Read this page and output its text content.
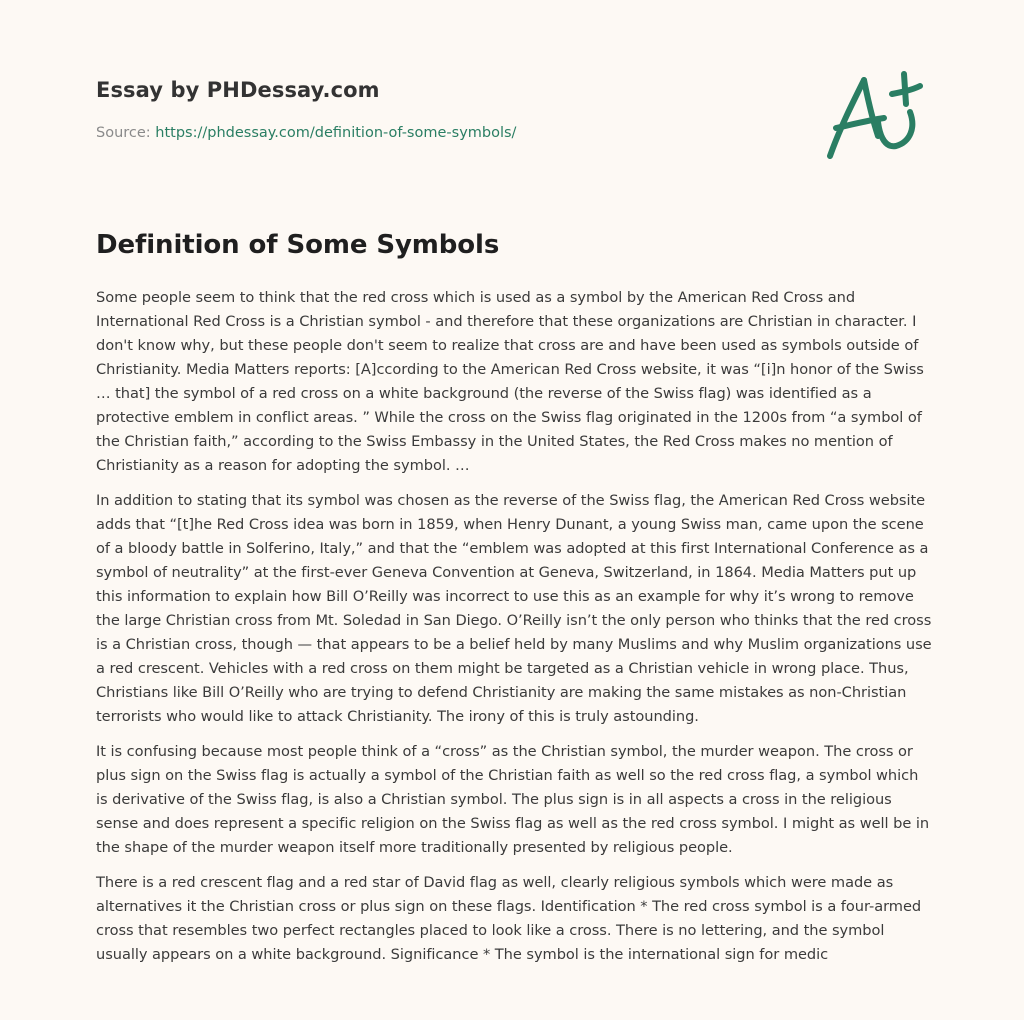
Essay by PHDessay.com
Source: https://phdessay.com/definition-of-some-symbols/
Definition of Some Symbols

Some people seem to think that the red cross which is used as a symbol by the American Red Cross and International Red Cross is a Christian symbol - and therefore that these organizations are Christian in character. I don't know why, but these people don't seem to realize that cross are and have been used as symbols outside of Christianity. Media Matters reports: [A]ccording to the American Red Cross website, it was “[i]n honor of the Swiss … that] the symbol of a red cross on a white background (the reverse of the Swiss flag) was identified as a protective emblem in conflict areas. ” While the cross on the Swiss flag originated in the 1200s from “a symbol of the Christian faith,” according to the Swiss Embassy in the United States, the Red Cross makes no mention of Christianity as a reason for adopting the symbol. …

In addition to stating that its symbol was chosen as the reverse of the Swiss flag, the American Red Cross website adds that “[t]he Red Cross idea was born in 1859, when Henry Dunant, a young Swiss man, came upon the scene of a bloody battle in Solferino, Italy,” and that the “emblem was adopted at this first International Conference as a symbol of neutrality” at the first-ever Geneva Convention at Geneva, Switzerland, in 1864. Media Matters put up this information to explain how Bill O’Reilly was incorrect to use this as an example for why it’s wrong to remove the large Christian cross from Mt. Soledad in San Diego. O’Reilly isn’t the only person who thinks that the red cross is a Christian cross, though — that appears to be a belief held by many Muslims and why Muslim organizations use a red crescent. Vehicles with a red cross on them might be targeted as a Christian vehicle in wrong place. Thus, Christians like Bill O’Reilly who are trying to defend Christianity are making the same mistakes as non-Christian terrorists who would like to attack Christianity. The irony of this is truly astounding.

It is confusing because most people think of a “cross” as the Christian symbol, the murder weapon. The cross or plus sign on the Swiss flag is actually a symbol of the Christian faith as well so the red cross flag, a symbol which is derivative of the Swiss flag, is also a Christian symbol. The plus sign is in all aspects a cross in the religious sense and does represent a specific religion on the Swiss flag as well as the red cross symbol. I might as well be in the shape of the murder weapon itself more traditionally presented by religious people.

There is a red crescent flag and a red star of David flag as well, clearly religious symbols which were made as alternatives it the Christian cross or plus sign on these flags. Identification * The red cross symbol is a four-armed cross that resembles two perfect rectangles placed to look like a cross. There is no lettering, and the symbol usually appears on a white background. Significance * The symbol is the international sign for medic
